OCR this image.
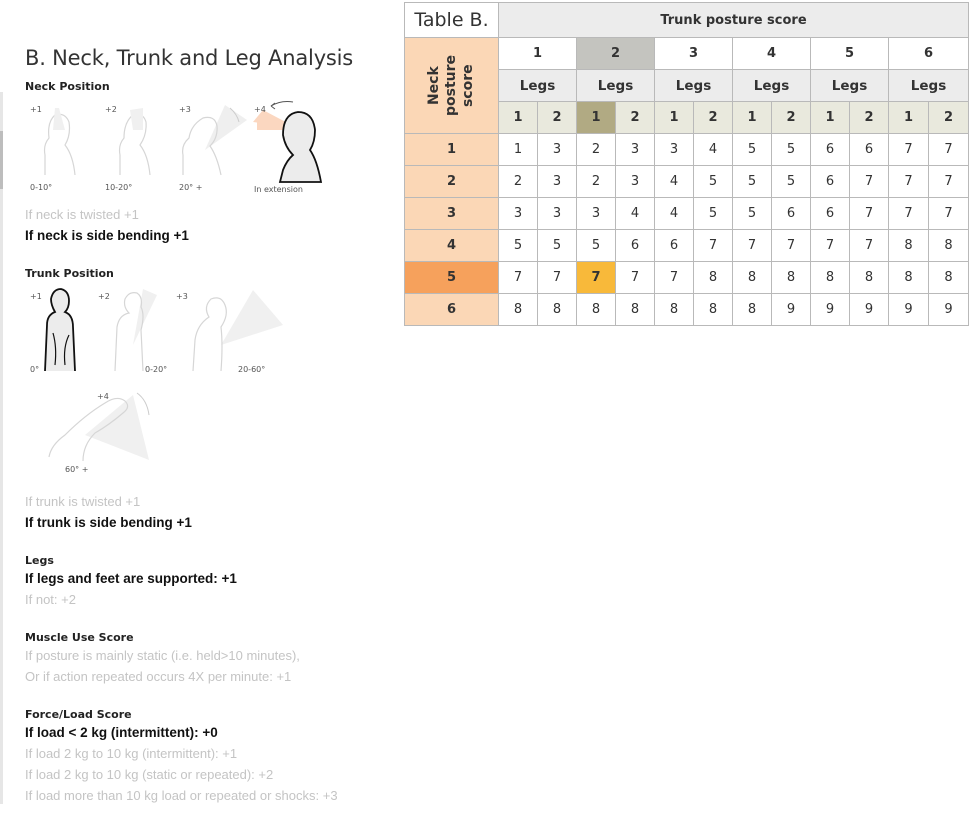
B. Neck, Trunk and Leg Analysis
Neck Position
+1	+2	+3	+4
0-10°	10-20°	20° +	In extension
If neck is twisted +1
If neck is side bending +1
Trunk Position
+1	+2	+3
+4
0°	0-20°	20-60°
60° +
If trunk is twisted +1
If trunk is side bending +1
Legs
If legs and feet are supported: +1
If not: +2
Muscle Use Score
If posture is mainly static (i.e. held>10 minutes),
Or if action repeated occurs 4X per minute: +1
Force/Load Score
If load < 2 kg (intermittent): +0
If load 2 kg to 10 kg (intermittent): +1
If load 2 kg to 10 kg (static or repeated): +2
If load more than 10 kg load or repeated or shocks: +3
Table B.	Trunk posture score											

Neck
posture
score	1		2		3		4		5		6	
	Legs		Legs		Legs		Legs		Legs		Legs	
	1	2	1	2	1	2	1	2	1	2	1	2
1	1	3	2	3	3	4	5	5	6	6	7	7
2	2	3	2	3	4	5	5	5	6	7	7	7
3	3	3	3	4	4	5	5	6	6	7	7	7
4	5	5	5	6	6	7	7	7	7	7	8	8
5	7	7	7	7	7	8	8	8	8	8	8	8
6	8	8	8	8	8	8	8	9	9	9	9	9
